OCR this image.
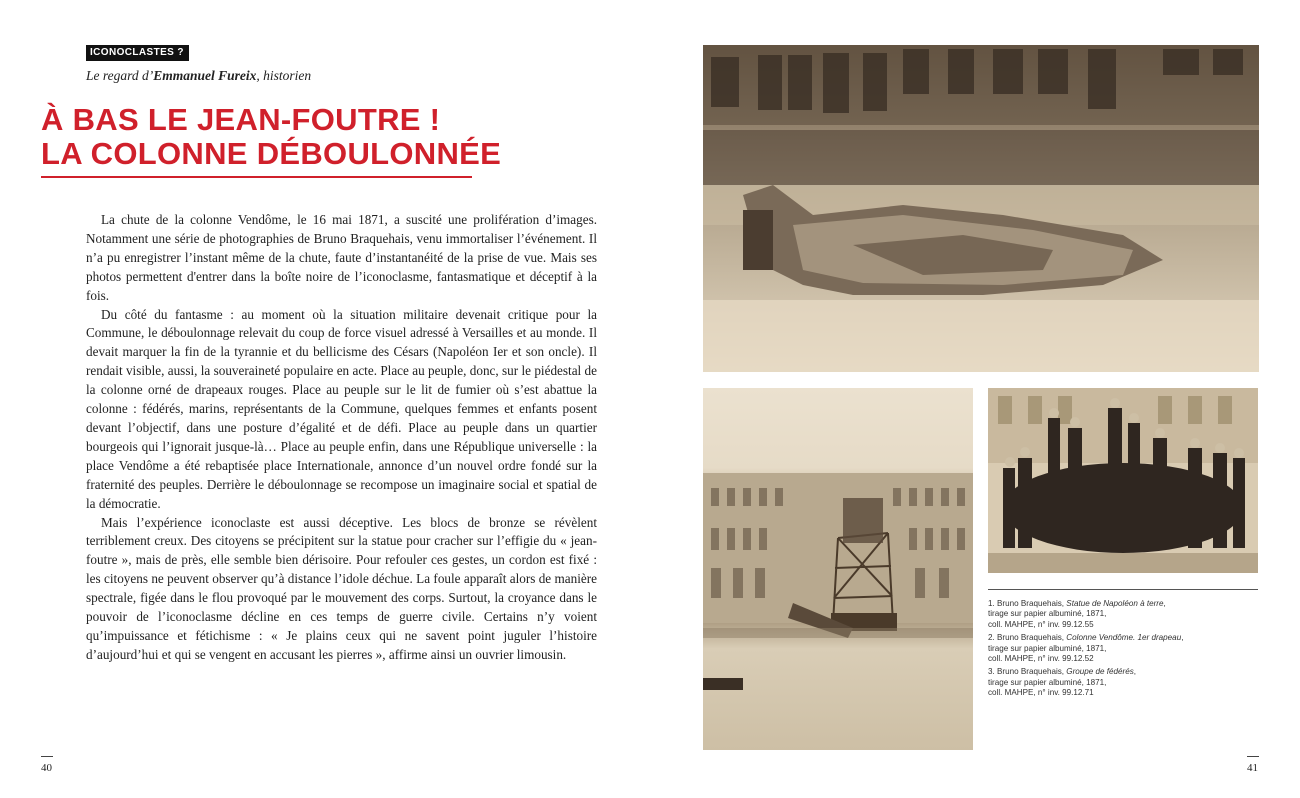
ICONOCLASTES ?
Le regard d’Emmanuel Fureix, historien
À BAS LE JEAN-FOUTRE !
LA COLONNE DÉBOULONNÉE

La chute de la colonne Vendôme, le 16 mai 1871, a suscité une prolifération d’images. Notamment une série de photographies de Bruno Braquehais, venu immortaliser l’événement. Il n’a pu enregistrer l’instant même de la chute, faute d’instantanéité de la prise de vue. Mais ses photos permettent d'entrer dans la boîte noire de l’iconoclasme, fantasmatique et déceptif à la fois.

Du côté du fantasme : au moment où la situation militaire devenait critique pour la Commune, le déboulonnage relevait du coup de force visuel adressé à Versailles et au monde. Il devait marquer la fin de la tyrannie et du bellicisme des Césars (Napoléon Ier et son oncle). Il rendait visible, aussi, la souveraineté populaire en acte. Place au peuple, donc, sur le piédestal de la colonne orné de drapeaux rouges. Place au peuple sur le lit de fumier où s’est abattue la colonne : fédérés, marins, représentants de la Commune, quelques femmes et enfants posent devant l’objectif, dans une posture d’égalité et de défi. Place au peuple dans un quartier bourgeois qui l’ignorait jusque-là… Place au peuple enfin, dans une République universelle : la place Vendôme a été rebaptisée place Internationale, annonce d’un nouvel ordre fondé sur la fraternité des peuples. Derrière le déboulonnage se recompose un imaginaire social et spatial de la démocratie.

Mais l’expérience iconoclaste est aussi déceptive. Les blocs de bronze se révèlent terriblement creux. Des citoyens se précipitent sur la statue pour cracher sur l’effigie du « jean-foutre », mais de près, elle semble bien dérisoire. Pour refouler ces gestes, un cordon est fixé : les citoyens ne peuvent observer qu’à distance l’idole déchue. La foule apparaît alors de manière spectrale, figée dans le flou provoqué par le mouvement des corps. Surtout, la croyance dans le pouvoir de l’iconoclasme décline en ces temps de guerre civile. Certains n’y voient qu’impuissance et fétichisme : « Je plains ceux qui ne savent point juguler l’histoire d’aujourd’hui et qui se vengent en accusant les pierres », affirme ainsi un ouvrier limousin.

40	41
1. Bruno Braquehais, Statue de Napoléon à terre,
tirage sur papier albuminé, 1871,
coll. MAHPE, n° inv. 99.12.55
2. Bruno Braquehais, Colonne Vendôme. 1er drapeau,
tirage sur papier albuminé, 1871,
coll. MAHPE, n° inv. 99.12.52
3. Bruno Braquehais, Groupe de fédérés,
tirage sur papier albuminé, 1871,
coll. MAHPE, n° inv. 99.12.71
